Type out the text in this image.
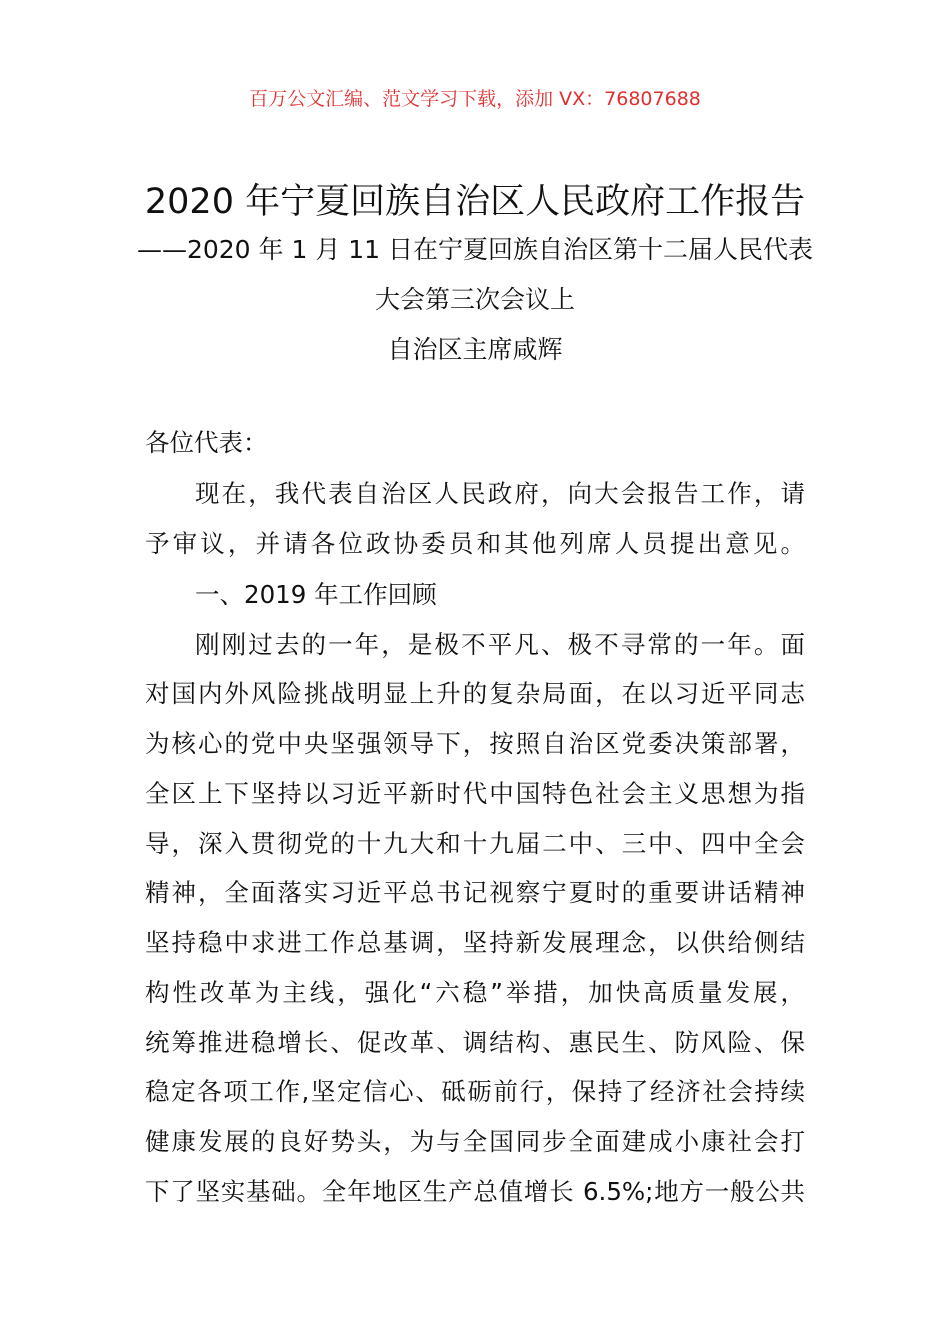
百万公文汇编、范文学习下载，添加 VX：76807688
2020 年宁夏回族自治区人民政府工作报告
——2020 年 1 月 11 日在宁夏回族自治区第十二届人民代表
大会第三次会议上
自治区主席咸辉
各位代表：
现在，我代表自治区人民政府，向大会报告工作，请
予审议，并请各位政协委员和其他列席人员提出意见。
一、2019 年工作回顾
刚刚过去的一年，是极不平凡、极不寻常的一年。面
对国内外风险挑战明显上升的复杂局面，在以习近平同志
为核心的党中央坚强领导下，按照自治区党委决策部署，
全区上下坚持以习近平新时代中国特色社会主义思想为指
导，深入贯彻党的十九大和十九届二中、三中、四中全会
精神，全面落实习近平总书记视察宁夏时的重要讲话精神
坚持稳中求进工作总基调，坚持新发展理念，以供给侧结
构性改革为主线，强化“六稳”举措，加快高质量发展，
统筹推进稳增长、促改革、调结构、惠民生、防风险、保
稳定各项工作,坚定信心、砥砺前行，保持了经济社会持续
健康发展的良好势头，为与全国同步全面建成小康社会打
下了坚实基础。全年地区生产总值增长 6.5%;地方一般公共
